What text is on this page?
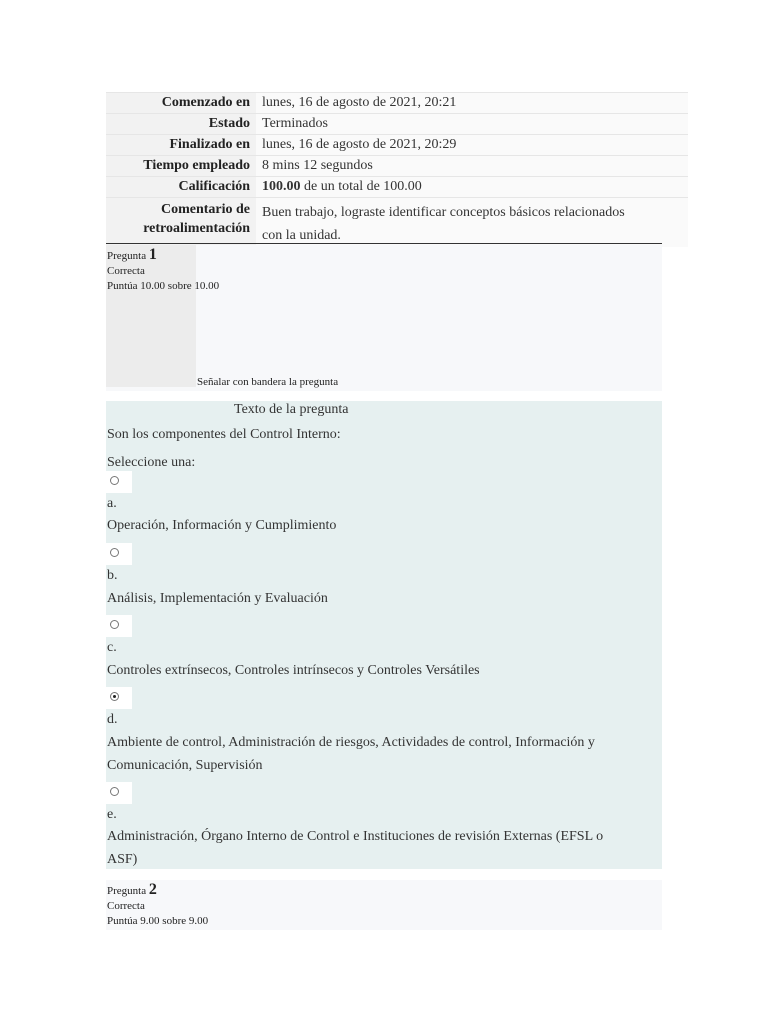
Comenzado en	lunes, 16 de agosto de 2021, 20:21
Estado	Terminados
Finalizado en	lunes, 16 de agosto de 2021, 20:29
Tiempo empleado	8 mins 12 segundos
Calificación	100.00 de un total de 100.00
Comentario de
retroalimentación	Buen trabajo, lograste identificar conceptos básicos relacionados
con la unidad.
Pregunta 1
Correcta
Puntúa 10.00 sobre 10.00
Señalar con bandera la pregunta
Texto de la pregunta
Son los componentes del Control Interno:
Seleccione una:
a.
Operación, Información y Cumplimiento
b.
Análisis, Implementación y Evaluación
c.
Controles extrínsecos, Controles intrínsecos y Controles Versátiles
d.
Ambiente de control, Administración de riesgos, Actividades de control, Información y
Comunicación, Supervisión
e.
Administración, Órgano Interno de Control e Instituciones de revisión Externas (EFSL o
ASF)
Pregunta 2
Correcta
Puntúa 9.00 sobre 9.00
